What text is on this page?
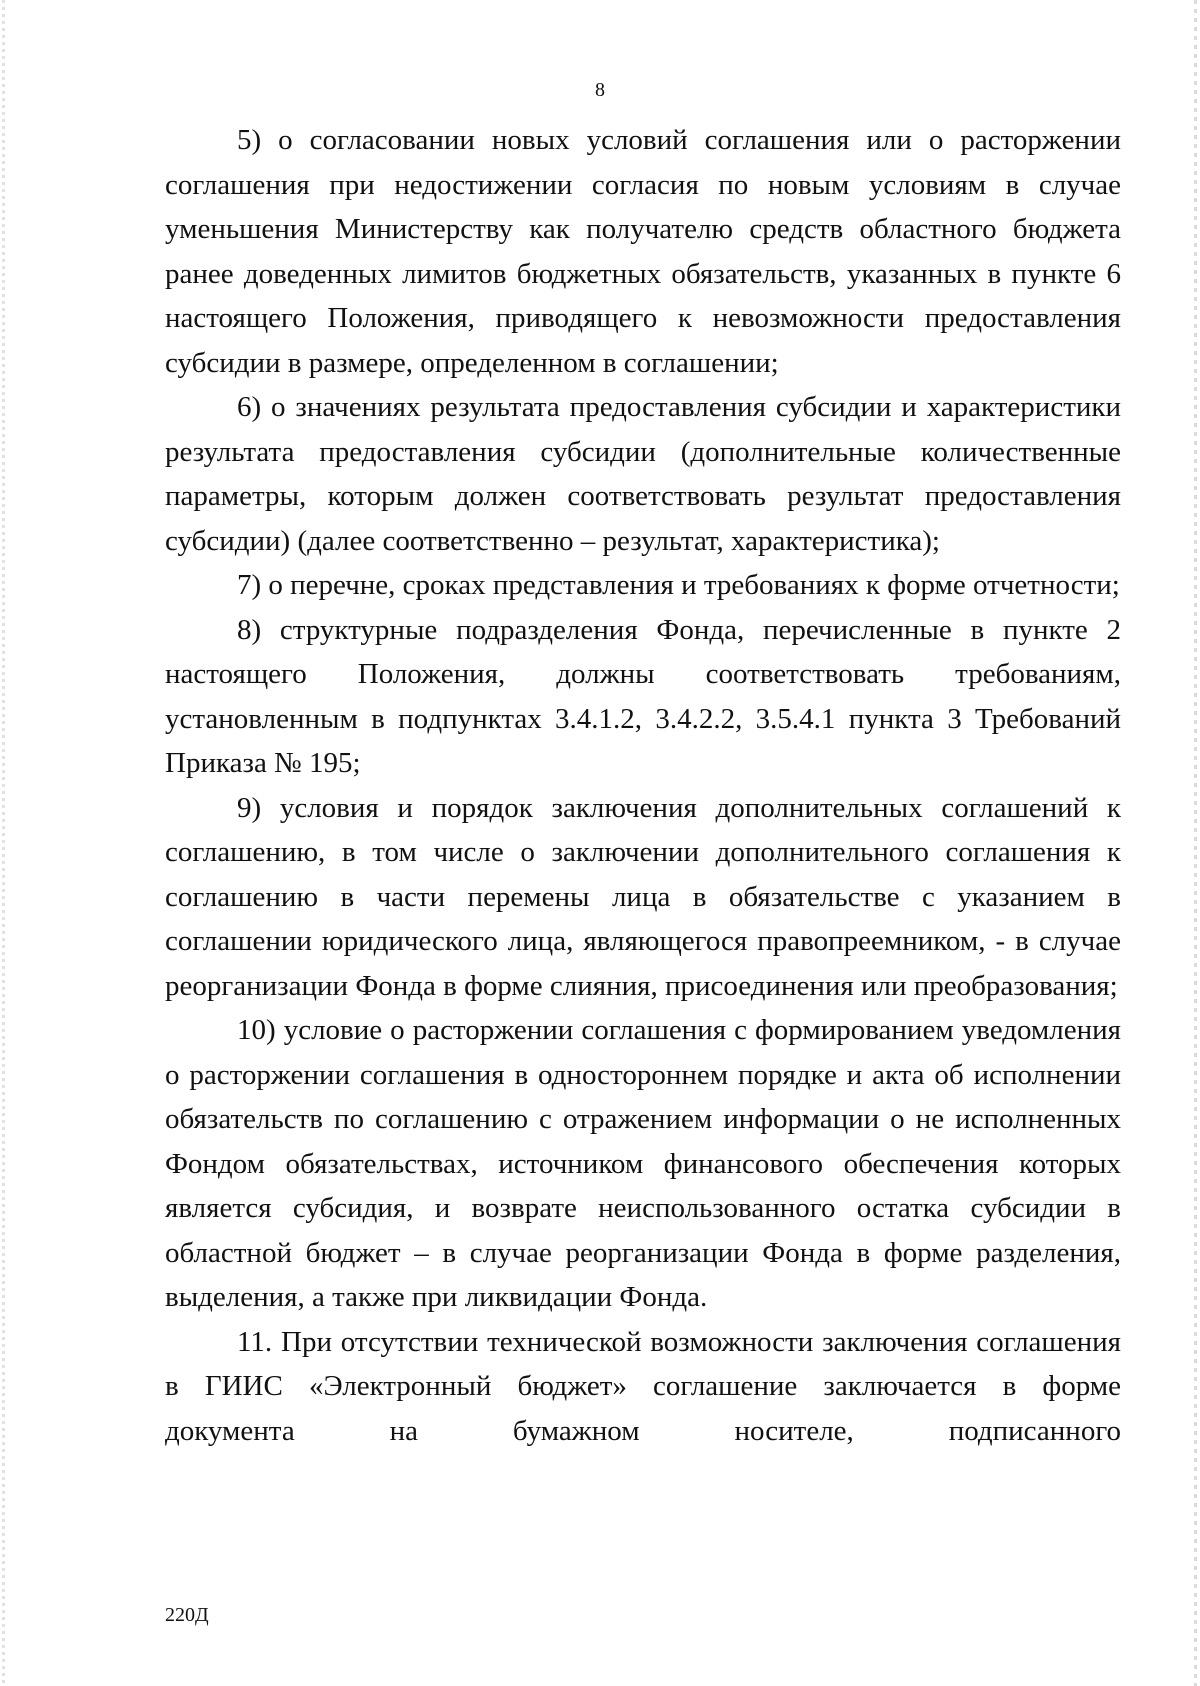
8

5) о согласовании новых условий соглашения или о расторжении соглашения при недостижении согласия по новым условиям в случае уменьшения Министерству как получателю средств областного бюджета ранее доведенных лимитов бюджетных обязательств, указанных в пункте 6 настоящего Положения, приводящего к невозможности предоставления субсидии в размере, определенном в соглашении;

6) о значениях результата предоставления субсидии и характеристики результата предоставления субсидии (дополнительные количественные параметры, которым должен соответствовать результат предоставления субсидии) (далее соответственно – результат, характеристика);

7) о перечне, сроках представления и требованиях к форме отчетности;

8) структурные подразделения Фонда, перечисленные в пункте 2 настоящего Положения, должны соответствовать требованиям, установленным в подпунктах 3.4.1.2, 3.4.2.2, 3.5.4.1 пункта 3 Требований Приказа № 195;

9) условия и порядок заключения дополнительных соглашений к соглашению, в том числе о заключении дополнительного соглашения к соглашению в части перемены лица в обязательстве с указанием в соглашении юридического лица, являющегося правопреемником, - в случае реорганизации Фонда в форме слияния, присоединения или преобразования;

10) условие о расторжении соглашения с формированием уведомления о расторжении соглашения в одностороннем порядке и акта об исполнении обязательств по соглашению с отражением информации о не исполненных Фондом обязательствах, источником финансового обеспечения которых является субсидия, и возврате неиспользованного остатка субсидии в областной бюджет – в случае реорганизации Фонда в форме разделения, выделения, а также при ликвидации Фонда.

11. При отсутствии технической возможности заключения соглашения в ГИИС «Электронный бюджет» соглашение заключается в форме документа на бумажном носителе, подписанного

220Д
